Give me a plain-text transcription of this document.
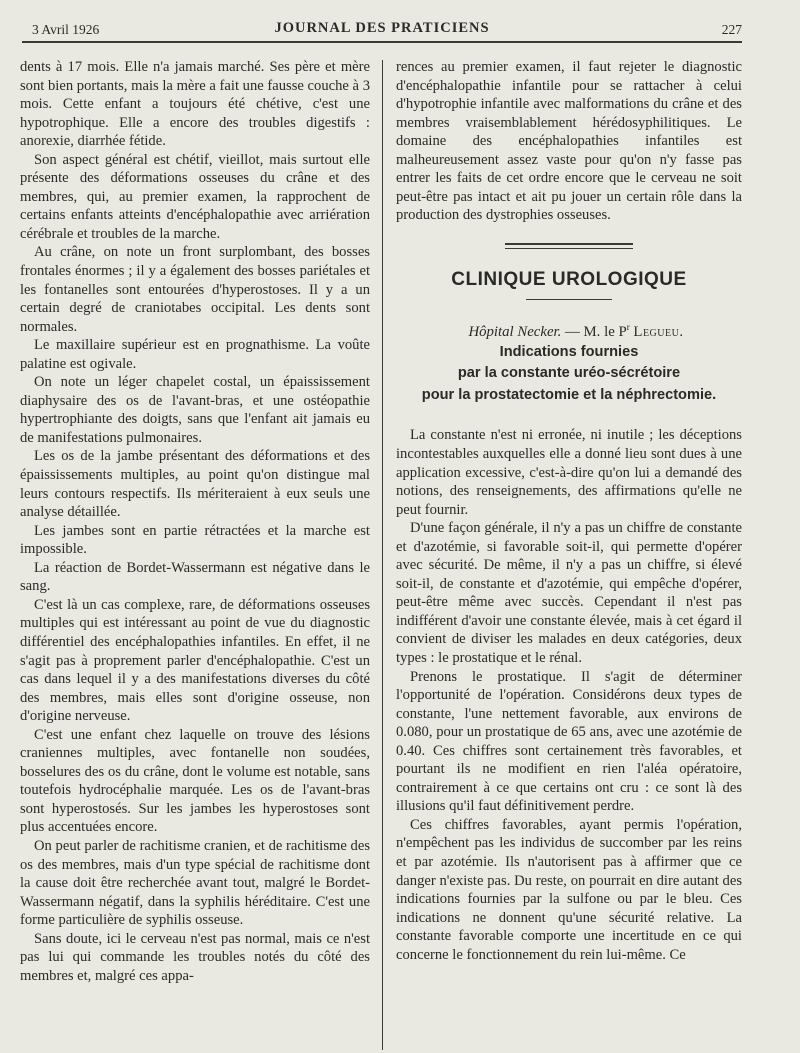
3 Avril 1926	JOURNAL DES PRATICIENS	227

dents à 17 mois. Elle n'a jamais marché. Ses père et mère sont bien portants, mais la mère a fait une fausse couche à 3 mois. Cette enfant a toujours été chétive, c'est une hypotrophique. Elle a encore des troubles digestifs : anorexie, diarrhée fétide.

Son aspect général est chétif, vieillot, mais surtout elle présente des déformations osseuses du crâne et des membres, qui, au premier examen, la rapprochent de certains enfants atteints d'encéphalopathie avec arriération cérébrale et troubles de la marche.

Au crâne, on note un front surplombant, des bosses frontales énormes ; il y a également des bosses pariétales et les fontanelles sont entourées d'hyperostoses. Il y a un certain degré de craniotabes occipital. Les dents sont normales.

Le maxillaire supérieur est en prognathisme. La voûte palatine est ogivale.

On note un léger chapelet costal, un épaississement diaphysaire des os de l'avant-bras, et une ostéopathie hypertrophiante des doigts, sans que l'enfant ait jamais eu de manifestations pulmonaires.

Les os de la jambe présentant des déformations et des épaississements multiples, au point qu'on distingue mal leurs contours respectifs. Ils mériteraient à eux seuls une analyse détaillée.

Les jambes sont en partie rétractées et la marche est impossible.

La réaction de Bordet-Wassermann est négative dans le sang.

C'est là un cas complexe, rare, de déformations osseuses multiples qui est intéressant au point de vue du diagnostic différentiel des encéphalopathies infantiles. En effet, il ne s'agit pas à proprement parler d'encéphalopathie. C'est un cas dans lequel il y a des manifestations diverses du côté des membres, mais elles sont d'origine osseuse, non d'origine nerveuse.

C'est une enfant chez laquelle on trouve des lésions craniennes multiples, avec fontanelle non soudées, bosselures des os du crâne, dont le volume est notable, sans toutefois hydrocéphalie marquée. Les os de l'avant-bras sont hyperostosés. Sur les jambes les hyperostoses sont plus accentuées encore.

On peut parler de rachitisme cranien, et de rachitisme des os des membres, mais d'un type spécial de rachitisme dont la cause doit être recherchée avant tout, malgré le Bordet-Wassermann négatif, dans la syphilis héréditaire. C'est une forme particulière de syphilis osseuse.

Sans doute, ici le cerveau n'est pas normal, mais ce n'est pas lui qui commande les troubles notés du côté des membres et, malgré ces appa-

rences au premier examen, il faut rejeter le diagnostic d'encéphalopathie infantile pour se rattacher à celui d'hypotrophie infantile avec malformations du crâne et des membres vraisemblablement hérédosyphilitiques. Le domaine des encéphalopathies infantiles est malheureusement assez vaste pour qu'on n'y fasse pas entrer les faits de cet ordre encore que le cerveau ne soit peut-être pas intact et ait pu jouer un certain rôle dans la production des dystrophies osseuses.

CLINIQUE UROLOGIQUE

Hôpital Necker. — M. le $P^r$ Legueu.

Indications fournies
par la constante uréo-sécrétoire
pour la prostatectomie et la néphrectomie.

La constante n'est ni erronée, ni inutile ; les déceptions incontestables auxquelles elle a donné lieu sont dues à une application excessive, c'est-à-dire qu'on lui a demandé des notions, des renseignements, des affirmations qu'elle ne peut fournir.

D'une façon générale, il n'y a pas un chiffre de constante et d'azotémie, si favorable soit-il, qui permette d'opérer avec sécurité. De même, il n'y a pas un chiffre, si élevé soit-il, de constante et d'azotémie, qui empêche d'opérer, peut-être même avec succès. Cependant il n'est pas indifférent d'avoir une constante élevée, mais à cet égard il convient de diviser les malades en deux catégories, deux types : le prostatique et le rénal.

Prenons le prostatique. Il s'agit de déterminer l'opportunité de l'opération. Considérons deux types de constante, l'une nettement favorable, aux environs de 0.080, pour un prostatique de 65 ans, avec une azotémie de 0.40. Ces chiffres sont certainement très favorables, et pourtant ils ne modifient en rien l'aléa opératoire, contrairement à ce que certains ont cru : ce sont là des illusions qu'il faut définitivement perdre.

Ces chiffres favorables, ayant permis l'opération, n'empêchent pas les individus de succomber par les reins et par azotémie. Ils n'autorisent pas à affirmer que ce danger n'existe pas. Du reste, on pourrait en dire autant des indications fournies par la sulfone ou par le bleu. Ces indications ne donnent qu'une sécurité relative. La constante favorable comporte une incertitude en ce qui concerne le fonctionnement du rein lui-même. Ce
